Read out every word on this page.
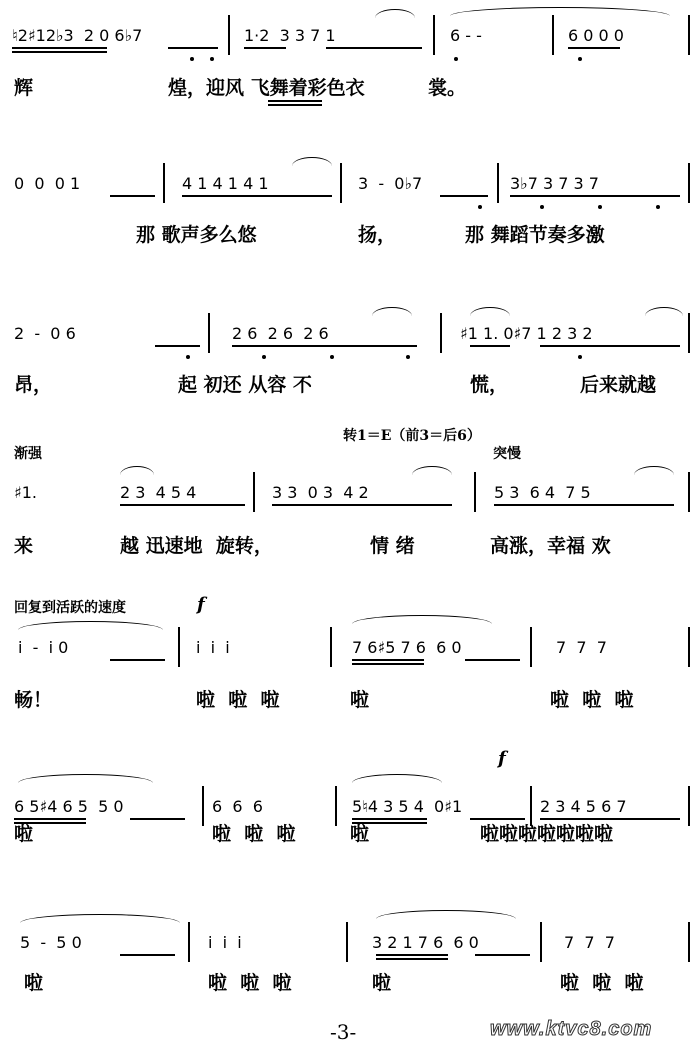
♮2♯12♭3  2 0 6♭7	1·2  3 3 7 1	6 - -	6 0 0 0
辉	煌，迎风 飞舞着彩色衣	裳。
0  0  0 1	4 1 4 1 4 1	3  -  0♭7	3♭7 3 7 3 7
那 歌声多么悠	扬，	那 舞蹈节奏多激
2  -  0 6	2 6  2 6  2 6	♯1 1. 0♯7 1 2 3 2
昂，	起 初还 从容 不	慌，	后来就越
转1＝E（前3＝后6）
渐强	突慢
♯1.	2 3  4 5 4	3 3  0 3  4 2	5 3  6 4  7 5
来	越 迅速地  旋转，	情 绪	高涨，幸福 欢
回复到活跃的速度	f
i  -  i 0	i  i  i	7 6♯5 7 6  6 0	7  7  7
畅！	啦  啦  啦	啦	啦  啦  啦
f
6 5♯4 6 5  5 0	6  6  6	5♮4 3 5 4  0♯1	2 3 4 5 6 7
啦	啦  啦  啦	啦	啦啦啦啦啦啦啦
5  -  5 0	i  i  i	3 2 1 7 6  6 0	7  7  7
啦	啦  啦  啦	啦	啦  啦  啦
-3-	www.ktvc8.com
